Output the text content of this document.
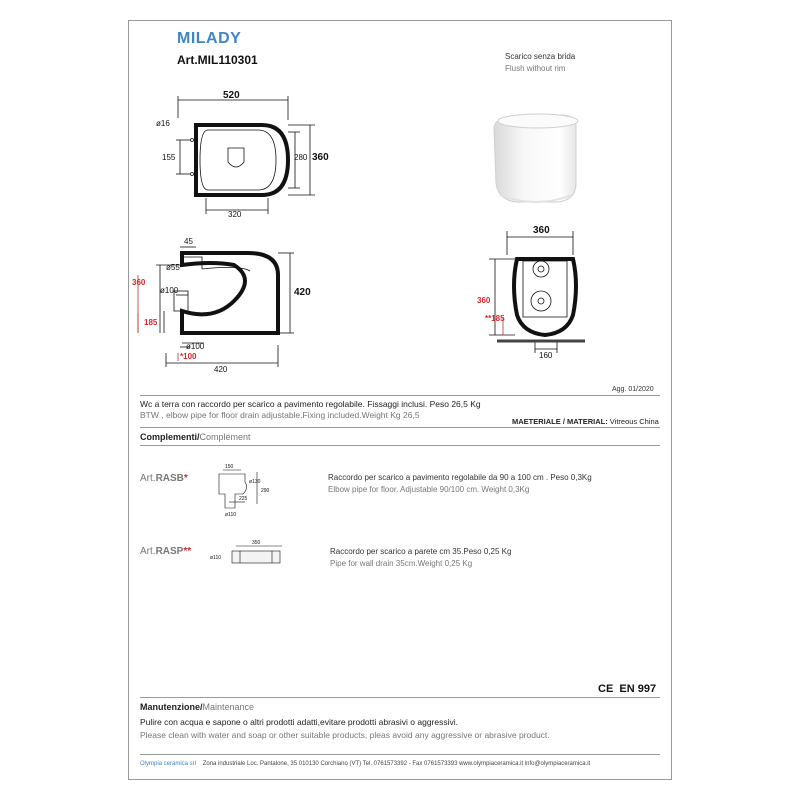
MILADY
Art.MIL110301	Scarico senza brida
Flush without rim
520
ø16
155	280 360
320
45
ø55
360
ø100
185
420
ø100
*100
420
360
360
**185
160
Agg. 01/2020
Wc a terra con raccordo per scarico a pavimento regolabile. Fissaggi inclusi. Peso 26,5 Kg
BTW , elbow pipe for floor drain adjustable.Fixing included.Weight Kg 26,5
MAETERIALE / MATERIAL: Vitreous China
Complementi/Complement
Art.RASB*
150
ø130
290
225
ø110
Raccordo per scarico a pavimento regolabile da 90 a 100 cm . Peso 0,3Kg
Elbow pipe for floor. Adjustable 90/100 cm. Weight 0,3Kg
Art.RASP**
350
ø110
Raccordo per scarico a parete cm 35.Peso 0,25 Kg
Pipe for wall drain 35cm.Weight 0,25 Kg
CE EN 997
Manutenzione/Maintenance
Pulire con acqua e sapone o altri prodotti adatti,evitare prodotti abrasivi o aggressivi.
Please clean with water and soap or other suitable products, pleas avoid any aggressive or abrasive product.
Olympia ceramica srl Zona industriale Loc. Pantalone, 35 010130 Corchiano (VT) Tel. 0761573392 - Fax 0761573393 www.olympiaceramica.it info@olympiaceramica.it
